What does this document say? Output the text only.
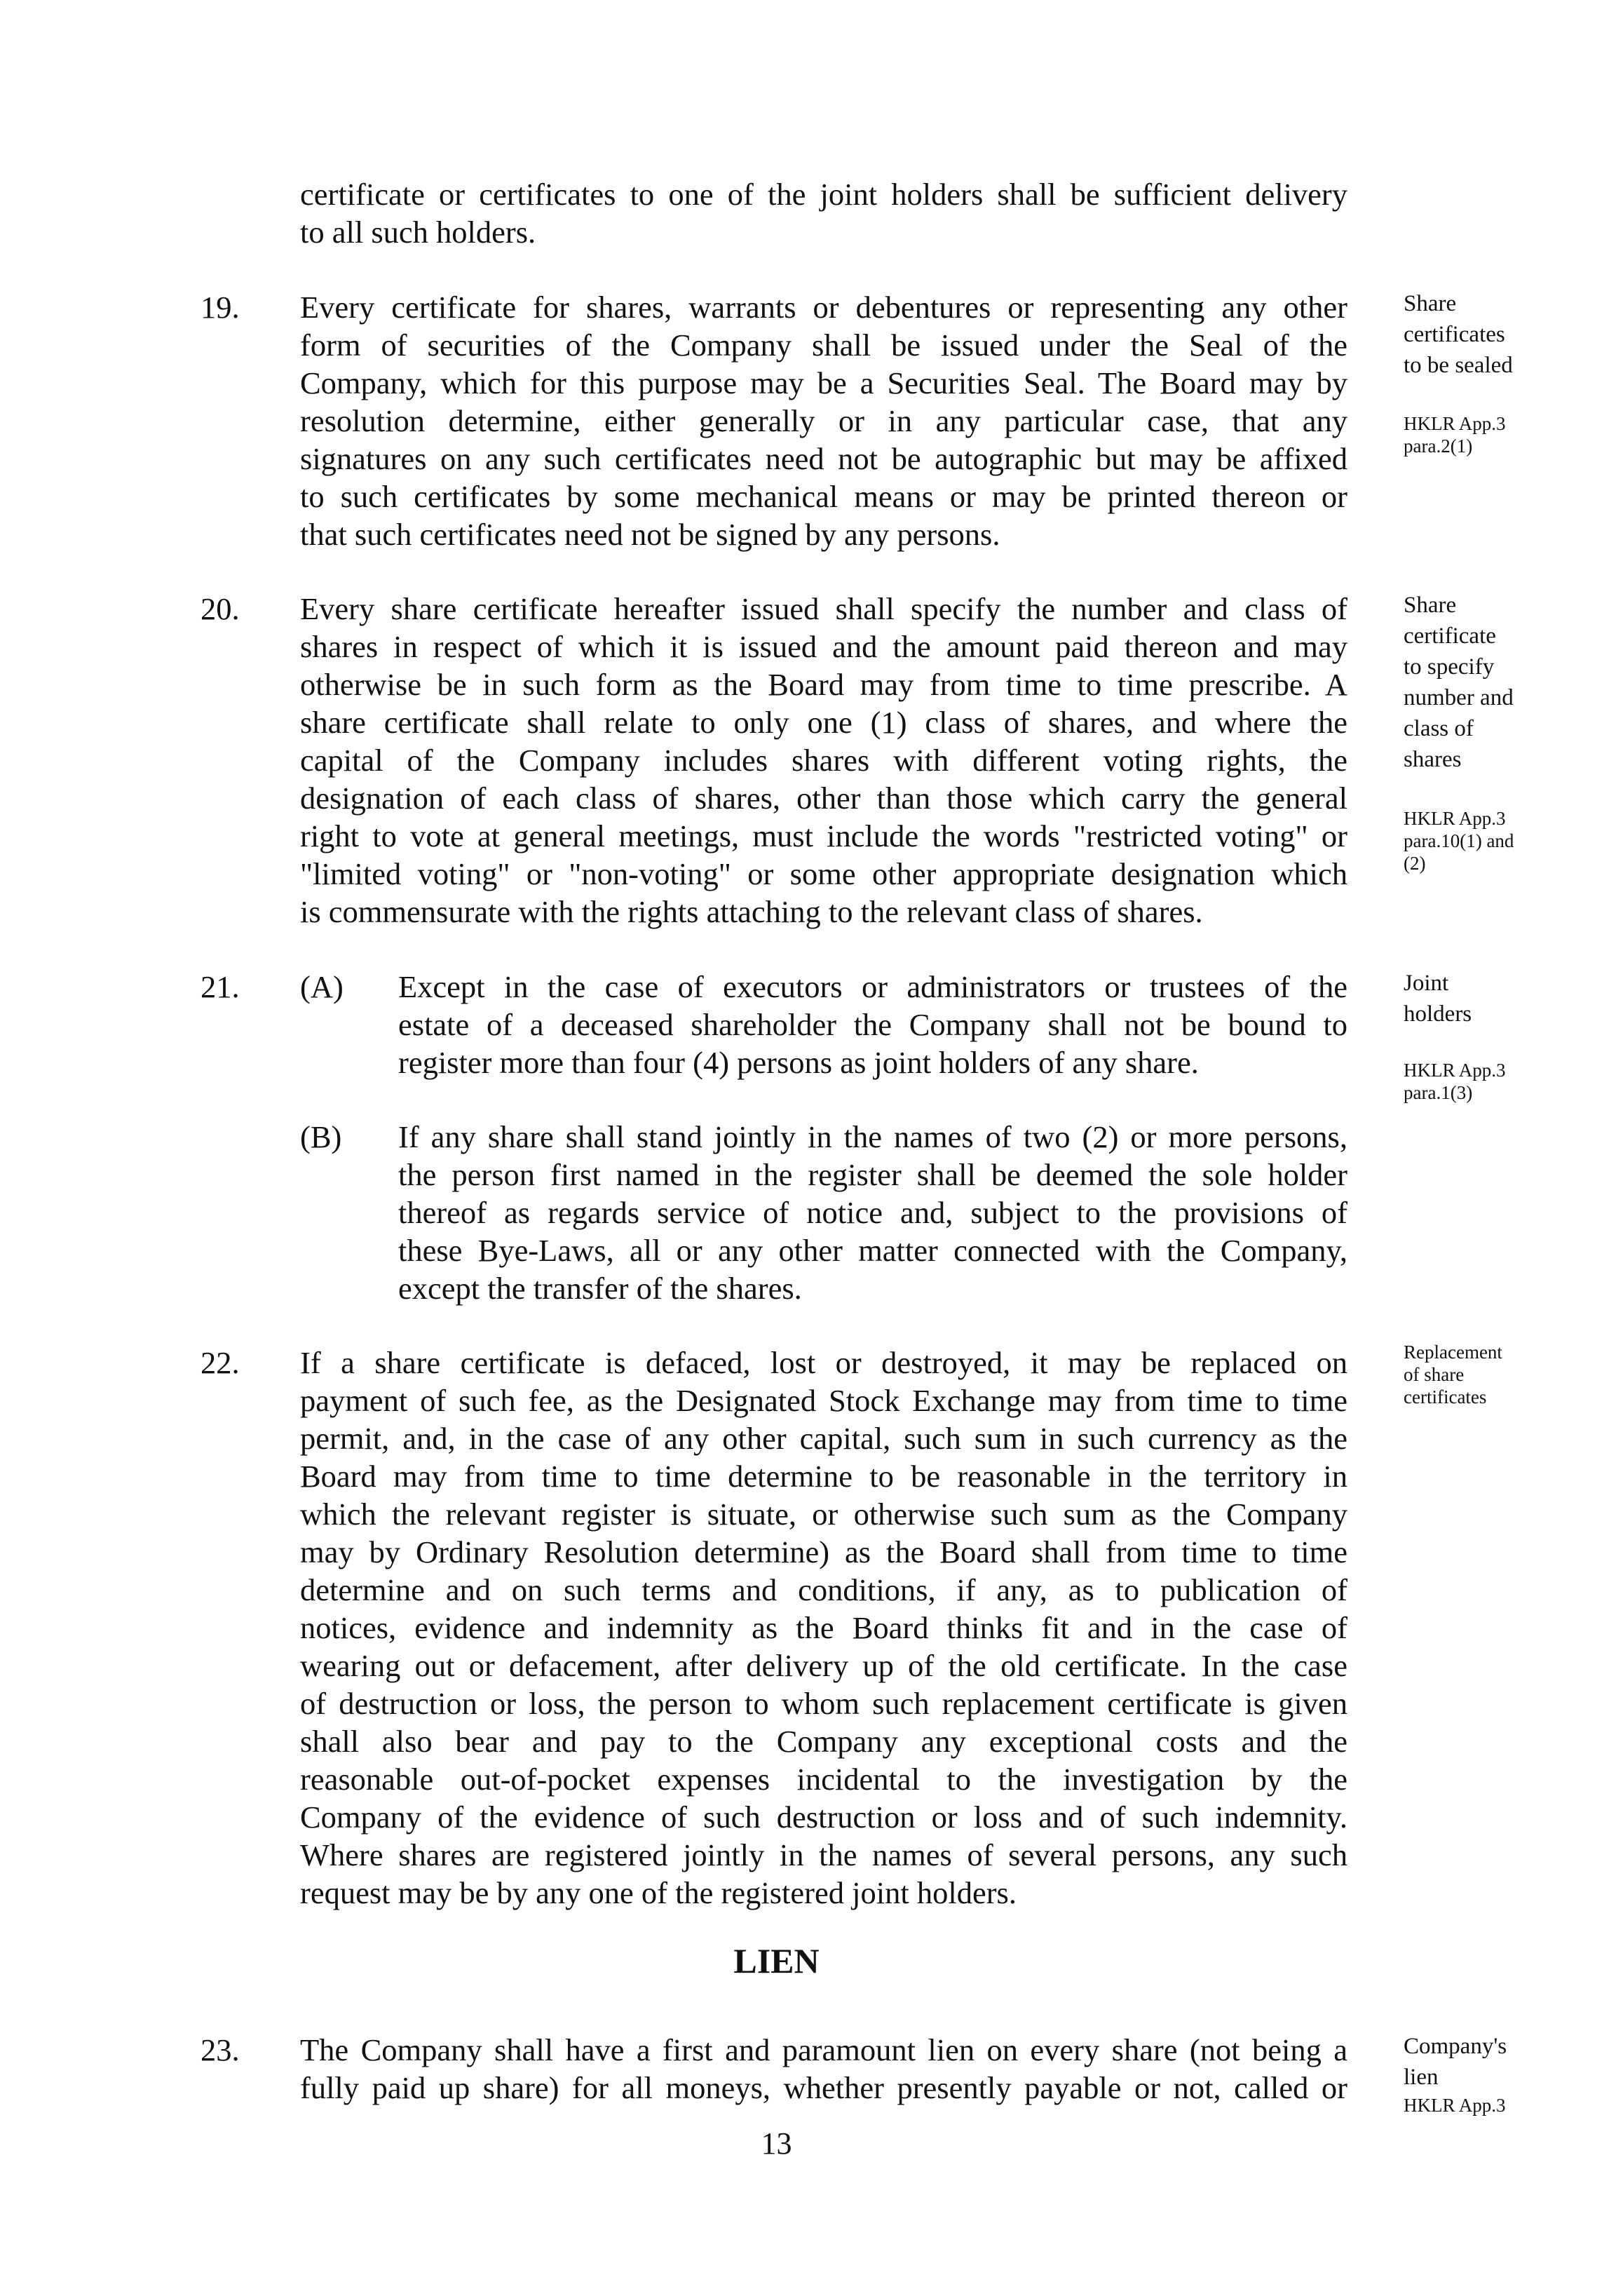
certificate or certificates to one of the joint holders shall be sufficient delivery

to all such holders.

19. Every certificate for shares, warrants or debentures or representing any other

form of securities of the Company shall be issued under the Seal of the

Company, which for this purpose may be a Securities Seal. The Board may by

resolution determine, either generally or in any particular case, that any

signatures on any such certificates need not be autographic but may be affixed

to such certificates by some mechanical means or may be printed thereon or

that such certificates need not be signed by any persons.

Share

certificates

to be sealed

HKLR App.3

para.2(1)

20. Every share certificate hereafter issued shall specify the number and class of

shares in respect of which it is issued and the amount paid thereon and may

otherwise be in such form as the Board may from time to time prescribe. A

share certificate shall relate to only one (1) class of shares, and where the

capital of the Company includes shares with different voting rights, the

designation of each class of shares, other than those which carry the general

right to vote at general meetings, must include the words "restricted voting" or

"limited voting" or "non-voting" or some other appropriate designation which

is commensurate with the rights attaching to the relevant class of shares.

Share

certificate

to specify

number and

class of

shares

HKLR App.3

para.10(1) and

(2)

21. (A) Except in the case of executors or administrators or trustees of the

estate of a deceased shareholder the Company shall not be bound to

register more than four (4) persons as joint holders of any share.

(B) If any share shall stand jointly in the names of two (2) or more persons,

the person first named in the register shall be deemed the sole holder

thereof as regards service of notice and, subject to the provisions of

these Bye-Laws, all or any other matter connected with the Company,

except the transfer of the shares.

Joint

holders

HKLR App.3

para.1(3)

22. If a share certificate is defaced, lost or destroyed, it may be replaced on

payment of such fee, as the Designated Stock Exchange may from time to time

permit, and, in the case of any other capital, such sum in such currency as the

Board may from time to time determine to be reasonable in the territory in

which the relevant register is situate, or otherwise such sum as the Company

may by Ordinary Resolution determine) as the Board shall from time to time

determine and on such terms and conditions, if any, as to publication of

notices, evidence and indemnity as the Board thinks fit and in the case of

wearing out or defacement, after delivery up of the old certificate. In the case

of destruction or loss, the person to whom such replacement certificate is given

shall also bear and pay to the Company any exceptional costs and the

reasonable out-of-pocket expenses incidental to the investigation by the

Company of the evidence of such destruction or loss and of such indemnity.

Where shares are registered jointly in the names of several persons, any such

request may be by any one of the registered joint holders.

Replacement

of share

certificates

LIEN
23. The Company shall have a first and paramount lien on every share (not being a

fully paid up share) for all moneys, whether presently payable or not, called or

Company's

lien

HKLR App.3

13
